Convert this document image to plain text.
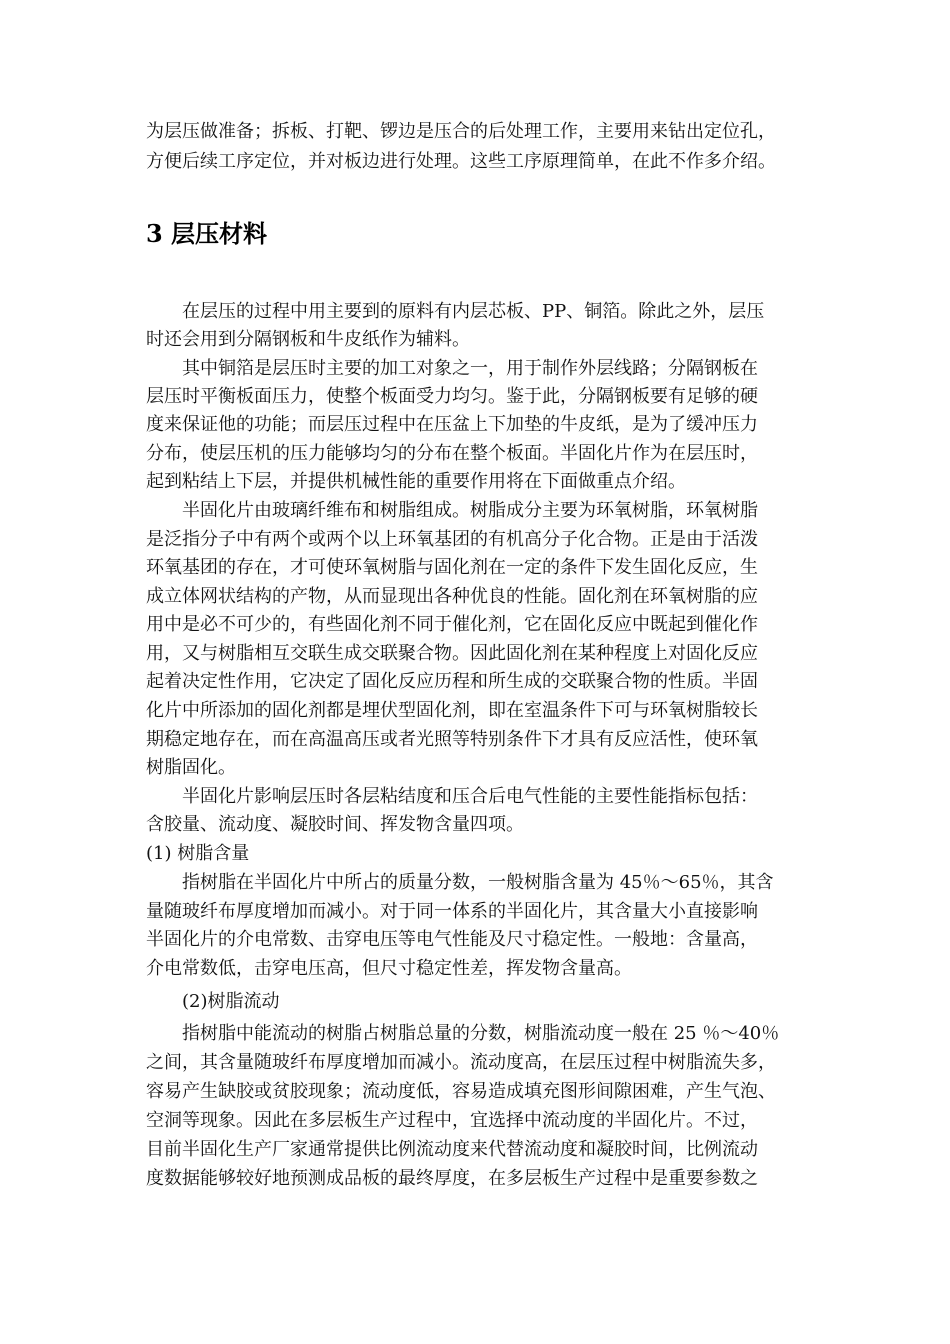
为层压做准备；拆板、打靶、锣边是压合的后处理工作，主要用来钻出定位孔，
方便后续工序定位，并对板边进行处理。这些工序原理简单，在此不作多介绍。
3 层压材料
　　在层压的过程中用主要到的原料有内层芯板、PP、铜箔。除此之外，层压
时还会用到分隔钢板和牛皮纸作为辅料。
　　其中铜箔是层压时主要的加工对象之一，用于制作外层线路；分隔钢板在
层压时平衡板面压力，使整个板面受力均匀。鉴于此，分隔钢板要有足够的硬
度来保证他的功能；而层压过程中在压盆上下加垫的牛皮纸，是为了缓冲压力
分布，使层压机的压力能够均匀的分布在整个板面。半固化片作为在层压时，
起到粘结上下层，并提供机械性能的重要作用将在下面做重点介绍。
　　半固化片由玻璃纤维布和树脂组成。树脂成分主要为环氧树脂，环氧树脂
是泛指分子中有两个或两个以上环氧基团的有机高分子化合物。正是由于活泼
环氧基团的存在，才可使环氧树脂与固化剂在一定的条件下发生固化反应，生
成立体网状结构的产物，从而显现出各种优良的性能。固化剂在环氧树脂的应
用中是必不可少的，有些固化剂不同于催化剂，它在固化反应中既起到催化作
用，又与树脂相互交联生成交联聚合物。因此固化剂在某种程度上对固化反应
起着决定性作用，它决定了固化反应历程和所生成的交联聚合物的性质。半固
化片中所添加的固化剂都是埋伏型固化剂，即在室温条件下可与环氧树脂较长
期稳定地存在，而在高温高压或者光照等特别条件下才具有反应活性，使环氧
树脂固化。
　　半固化片影响层压时各层粘结度和压合后电气性能的主要性能指标包括：
含胶量、流动度、凝胶时间、挥发物含量四项。
(1) 树脂含量
　　指树脂在半固化片中所占的质量分数，一般树脂含量为 45％～65％，其含
量随玻纤布厚度增加而减小。对于同一体系的半固化片，其含量大小直接影响
半固化片的介电常数、击穿电压等电气性能及尺寸稳定性。一般地：含量高，
介电常数低，击穿电压高，但尺寸稳定性差，挥发物含量高。
　　(2)树脂流动
　　指树脂中能流动的树脂占树脂总量的分数，树脂流动度一般在 25 ％～40％
之间，其含量随玻纤布厚度增加而减小。流动度高，在层压过程中树脂流失多，
容易产生缺胶或贫胶现象；流动度低，容易造成填充图形间隙困难，产生气泡、
空洞等现象。因此在多层板生产过程中，宜选择中流动度的半固化片。不过，
目前半固化生产厂家通常提供比例流动度来代替流动度和凝胶时间，比例流动
度数据能够较好地预测成品板的最终厚度，在多层板生产过程中是重要参数之
